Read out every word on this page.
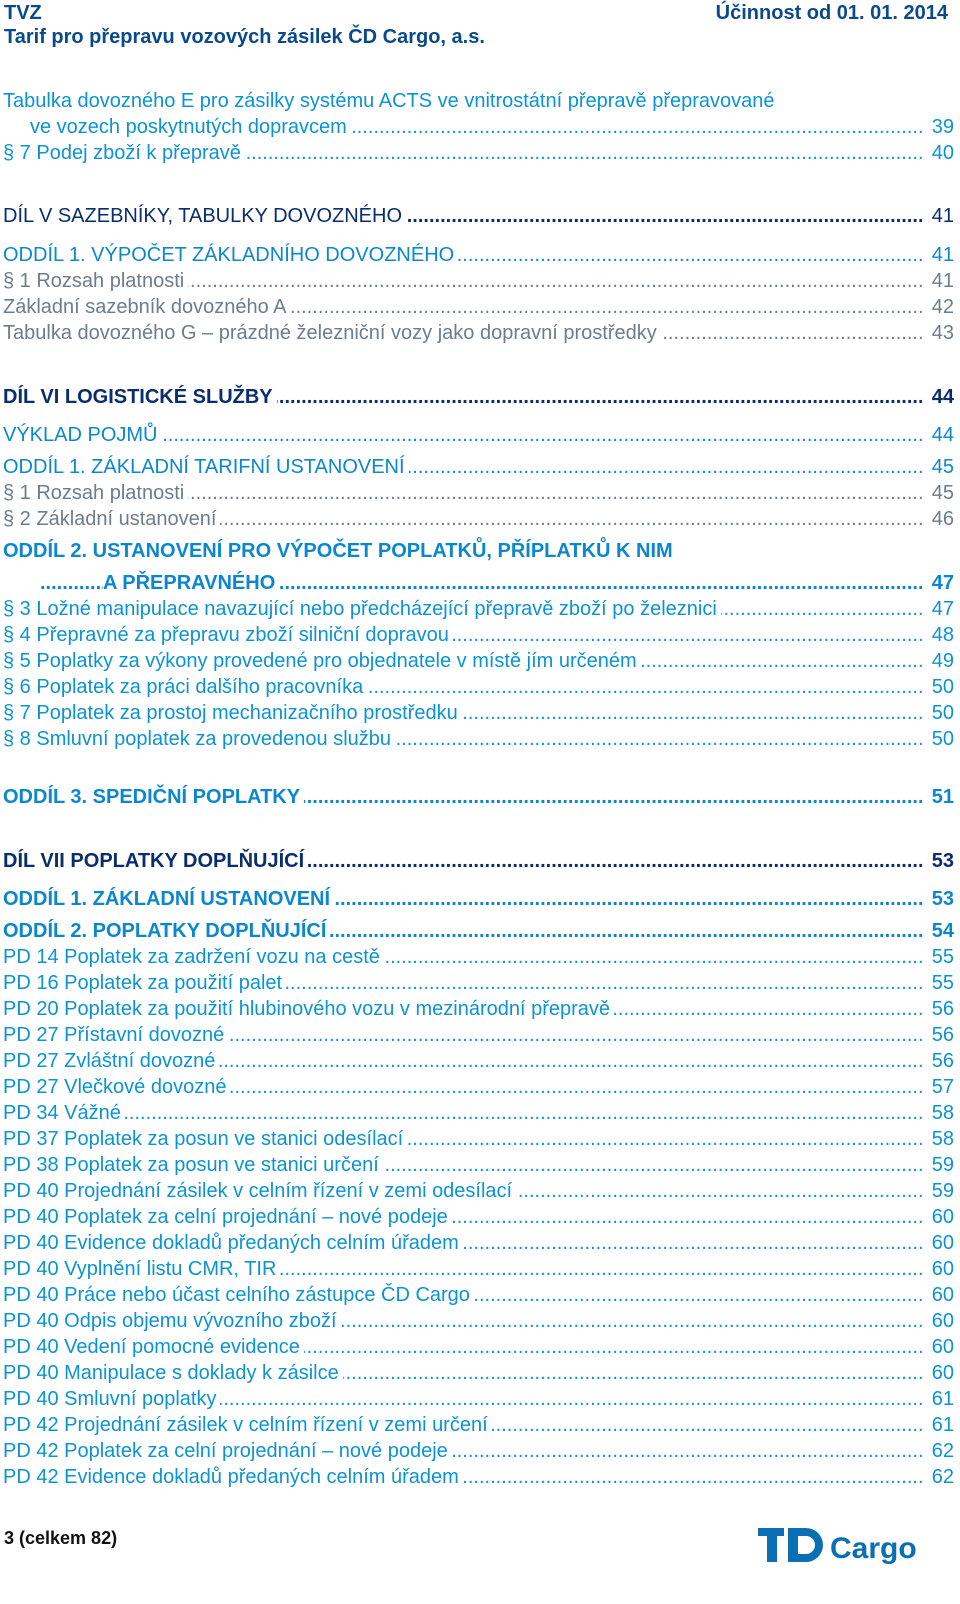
TVZ
Tarif pro přepravu vozových zásilek ČD Cargo, a.s.
Účinnost od 01. 01. 2014
Tabulka dovozného E pro zásilky systému ACTS ve vnitrostátní přepravě přepravované
.....
ve vozech poskytnutých dopravcem	39
.....
§ 7 Podej zboží k přepravě	40
.....
DÍL V SAZEBNÍKY, TABULKY DOVOZNÉHO	41
.....
ODDÍL 1. VÝPOČET ZÁKLADNÍHO DOVOZNÉHO	41
.....
§ 1 Rozsah platnosti	41
.....
Základní sazebník dovozného A	42
.....
Tabulka dovozného G – prázdné železniční vozy jako dopravní prostředky	43
.....
DÍL VI LOGISTICKÉ SLUŽBY	44
.....
VÝKLAD POJMŮ	44
.....
ODDÍL 1. ZÁKLADNÍ TARIFNÍ USTANOVENÍ	45
.....
§ 1 Rozsah platnosti	45
.....
§ 2 Základní ustanovení	46
ODDÍL 2. USTANOVENÍ PRO VÝPOČET POPLATKŮ, PŘÍPLATKŮ K NIM
.....
A PŘEPRAVNÉHO	47
.....
§ 3 Ložné manipulace navazující nebo předcházející přepravě zboží po železnici	47
.....
§ 4 Přepravné za přepravu zboží silniční dopravou	48
.....
§ 5 Poplatky za výkony provedené pro objednatele v místě jím určeném	49
.....
§ 6 Poplatek za práci dalšího pracovníka	50
.....
§ 7 Poplatek za prostoj mechanizačního prostředku	50
.....
§ 8 Smluvní poplatek za provedenou službu	50
.....
ODDÍL 3. SPEDIČNÍ POPLATKY	51
.....
DÍL VII POPLATKY DOPLŇUJÍCÍ	53
.....
ODDÍL 1. ZÁKLADNÍ USTANOVENÍ	53
.....
ODDÍL 2. POPLATKY DOPLŇUJÍCÍ	54
.....
PD 14 Poplatek za zadržení vozu na cestě	55
.....
PD 16 Poplatek za použití palet	55
.....
PD 20 Poplatek za použití hlubinového vozu v mezinárodní přepravě	56
.....
PD 27 Přístavní dovozné	56
.....
PD 27 Zvláštní dovozné	56
.....
PD 27 Vlečkové dovozné	57
.....
PD 34 Vážné	58
.....
PD 37 Poplatek za posun ve stanici odesílací	58
.....
PD 38 Poplatek za posun ve stanici určení	59
.....
PD 40 Projednání zásilek v celním řízení v zemi odesílací	59
.....
PD 40 Poplatek za celní projednání – nové podeje	60
.....
PD 40 Evidence dokladů předaných celním úřadem	60
.....
PD 40 Vyplnění listu CMR, TIR	60
.....
PD 40 Práce nebo účast celního zástupce ČD Cargo	60
.....
PD 40 Odpis objemu vývozního zboží	60
.....
PD 40 Vedení pomocné evidence	60
.....
PD 40 Manipulace s doklady k zásilce	60
.....
PD 40 Smluvní poplatky	61
.....
PD 42 Projednání zásilek v celním řízení v zemi určení	61
.....
PD 42 Poplatek za celní projednání – nové podeje	62
.....
PD 42 Evidence dokladů předaných celním úřadem	62
3 (celkem 82)	Cargo
